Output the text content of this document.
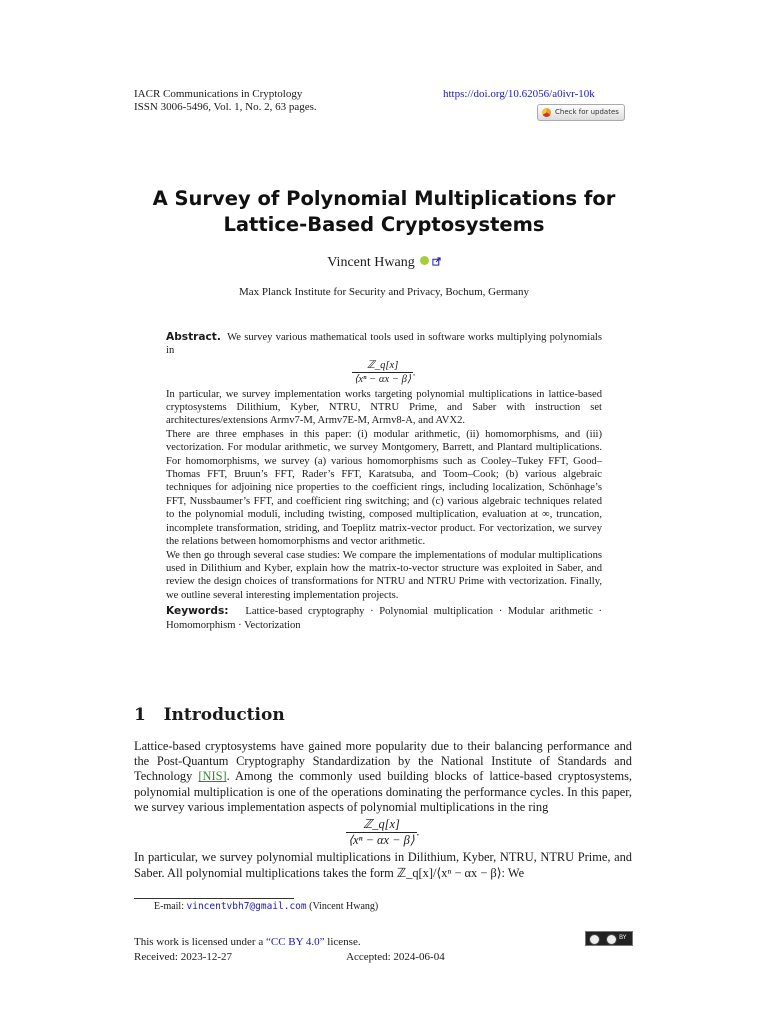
IACR Communications in Cryptology
ISSN 3006-5496, Vol. 1, No. 2, 63 pages.
https://doi.org/10.62056/a0ivr-10k
Check for updates
A Survey of Polynomial Multiplications for
Lattice-Based Cryptosystems
Vincent Hwang
Max Planck Institute for Security and Privacy, Bochum, Germany

Abstract. We survey various mathematical tools used in software works multiplying polynomials in

$\frac{\text{ℤ\_q[x]}}{\text{⟨xⁿ − αx − β⟩}}$ .

In particular, we survey implementation works targeting polynomial multiplications in lattice-based cryptosystems Dilithium, Kyber, NTRU, NTRU Prime, and Saber with instruction set architectures/extensions Armv7-M, Armv7E-M, Armv8-A, and AVX2.

There are three emphases in this paper: (i) modular arithmetic, (ii) homomorphisms, and (iii) vectorization. For modular arithmetic, we survey Montgomery, Barrett, and Plantard multiplications. For homomorphisms, we survey (a) various homomorphisms such as Cooley–Tukey FFT, Good–Thomas FFT, Bruun’s FFT, Rader’s FFT, Karatsuba, and Toom–Cook; (b) various algebraic techniques for adjoining nice properties to the coefficient rings, including localization, Schönhage’s FFT, Nussbaumer’s FFT, and coefficient ring switching; and (c) various algebraic techniques related to the polynomial moduli, including twisting, composed multiplication, evaluation at ∞, truncation, incomplete transformation, striding, and Toeplitz matrix-vector product. For vectorization, we survey the relations between homomorphisms and vector arithmetic.

We then go through several case studies: We compare the implementations of modular multiplications used in Dilithium and Kyber, explain how the matrix-to-vector structure was exploited in Saber, and review the design choices of transformations for NTRU and NTRU Prime with vectorization. Finally, we outline several interesting implementation projects.

Keywords: Lattice-based cryptography · Polynomial multiplication · Modular arithmetic · Homomorphism · Vectorization

1 Introduction

Lattice-based cryptosystems have gained more popularity due to their balancing performance and the Post-Quantum Cryptography Standardization by the National Institute of Standards and Technology [NIS]. Among the commonly used building blocks of lattice-based cryptosystems, polynomial multiplication is one of the operations dominating the performance cycles. In this paper, we survey various implementation aspects of polynomial multiplications in the ring

$\frac{\text{ℤ\_q[x]}}{\text{⟨xⁿ − αx − β⟩}}$ .

In particular, we survey polynomial multiplications in Dilithium, Kyber, NTRU, NTRU Prime, and Saber. All polynomial multiplications takes the form ℤ_q[x]/⟨xⁿ − αx − β⟩: We

E-mail: vincentvbh7@gmail.com (Vincent Hwang)
This work is licensed under a “CC BY 4.0” license.
Received: 2023-12-27	Accepted: 2024-06-04
BY
